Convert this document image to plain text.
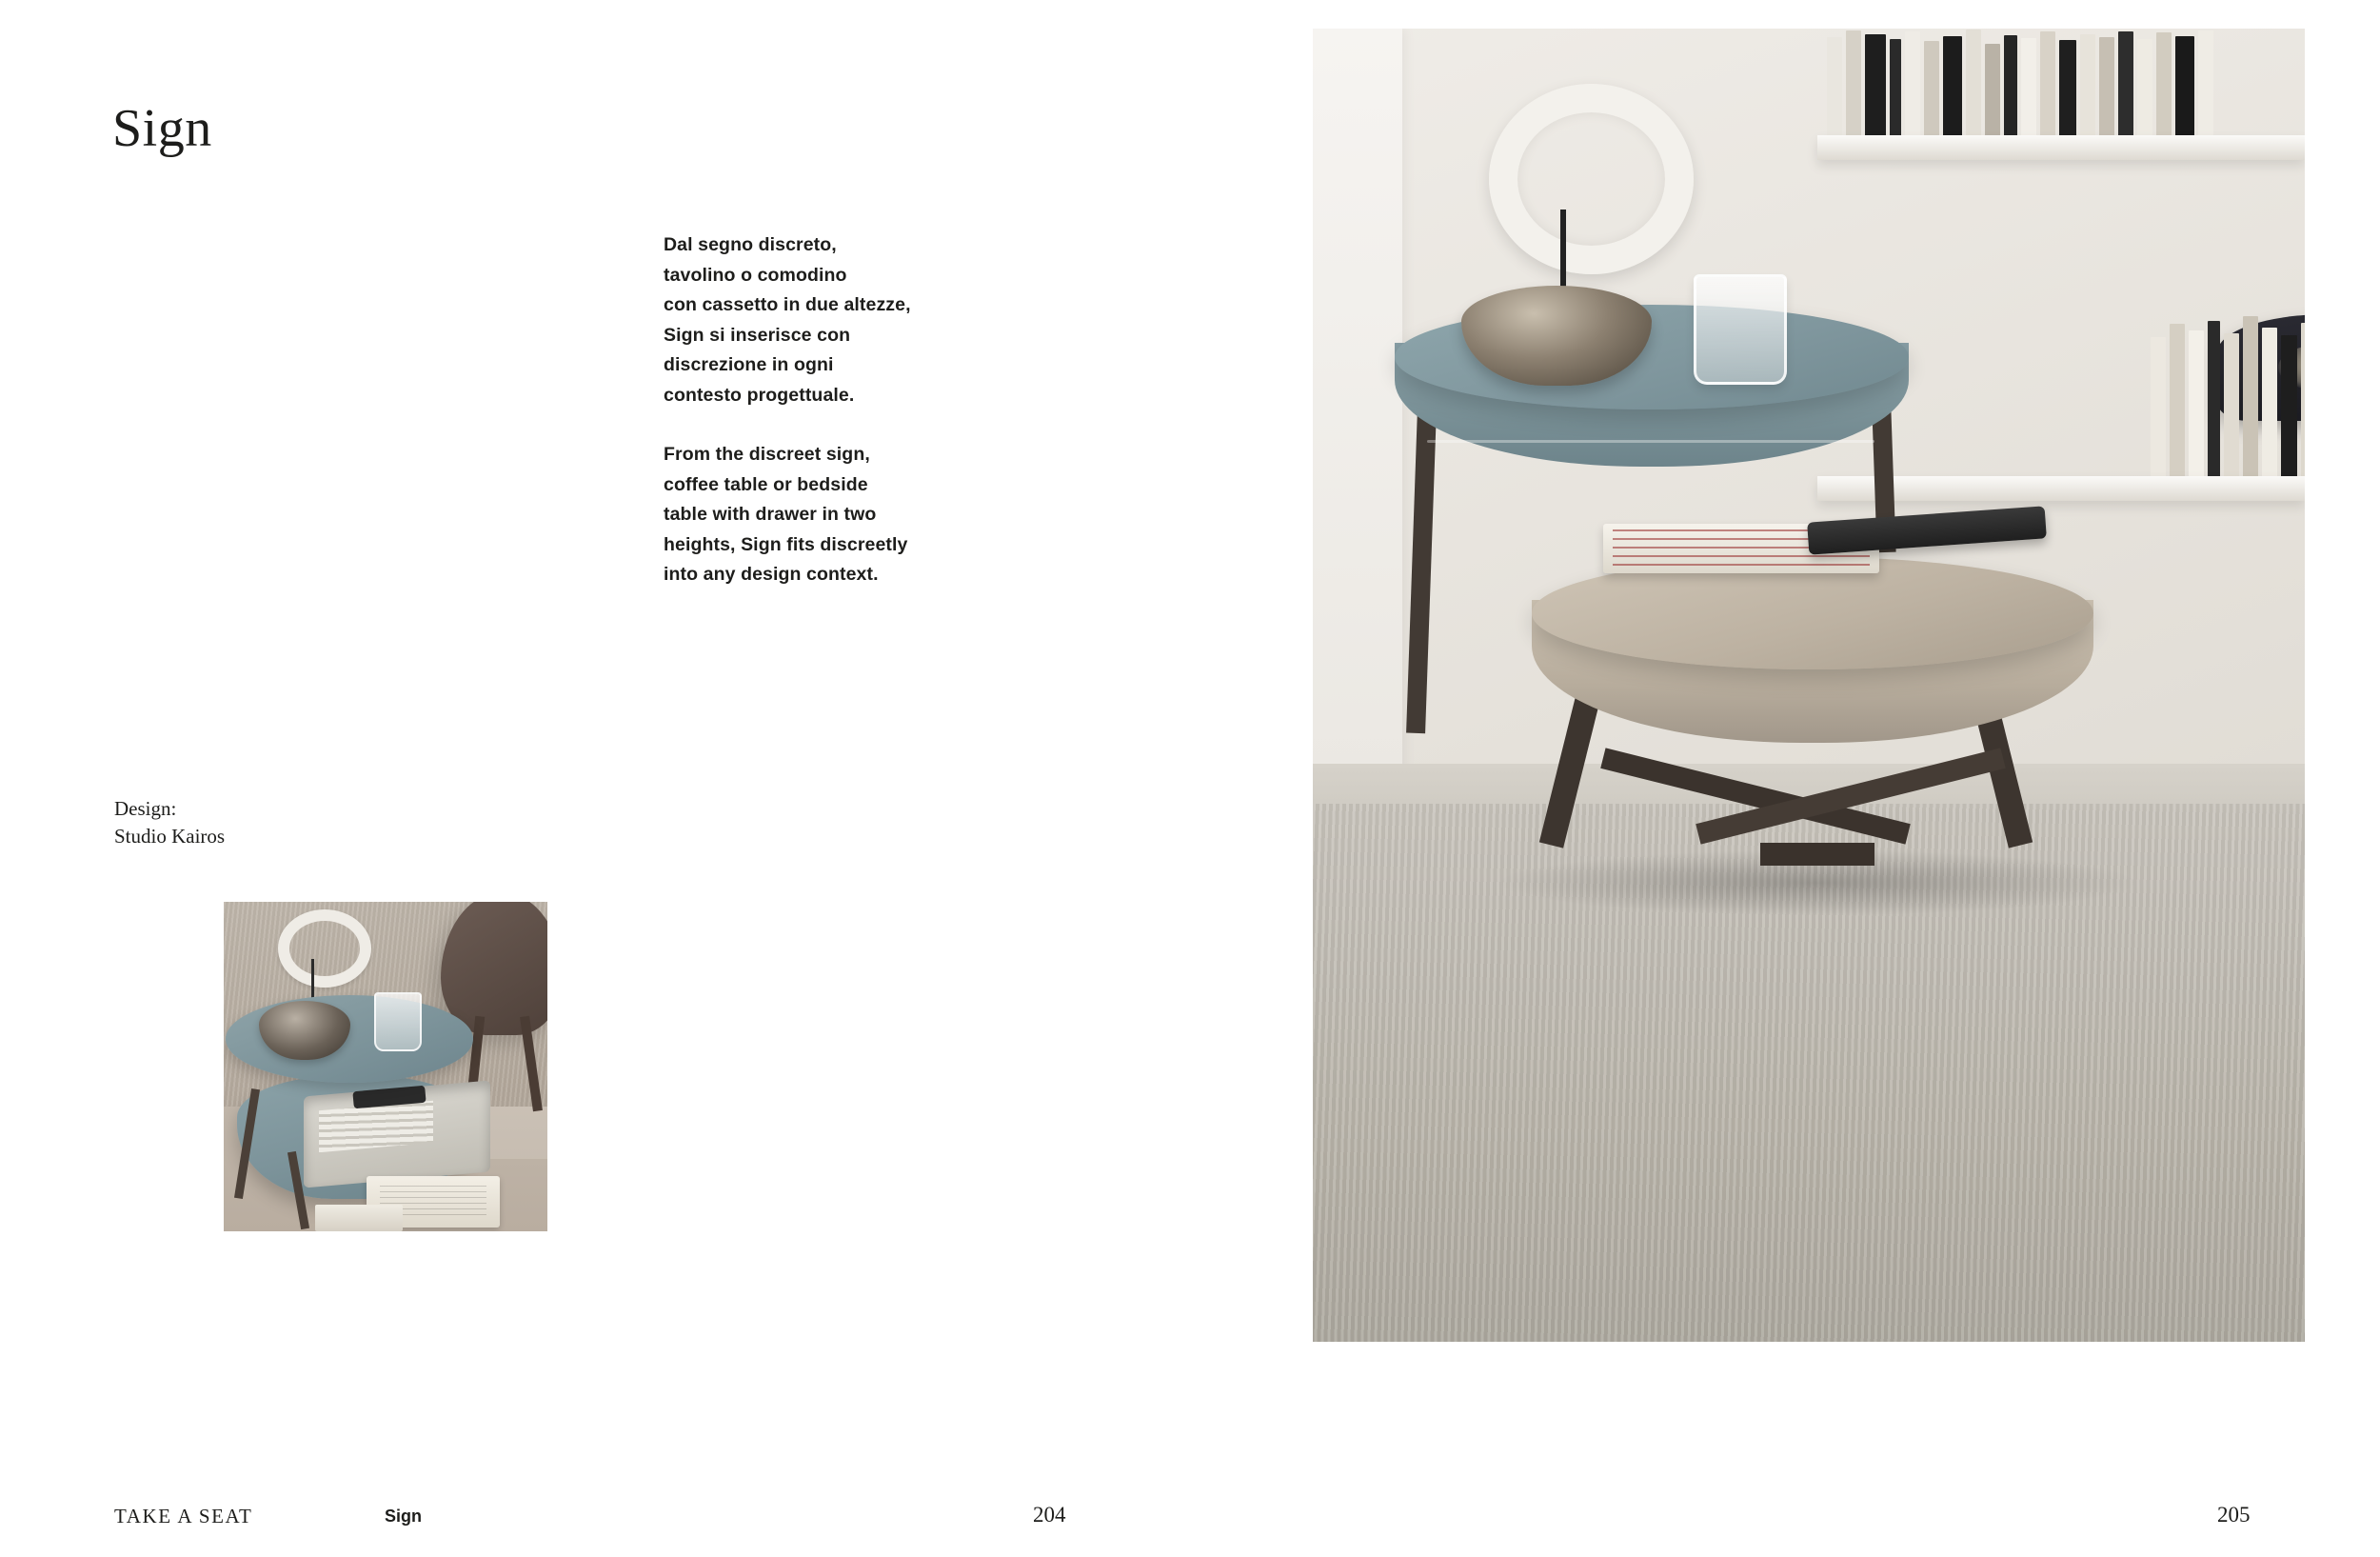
Sign

Dal segno discreto,
tavolino o comodino
con cassetto in due altezze,
Sign si inserisce con
discrezione in ogni
contesto progettuale.

From the discreet sign,
coffee table or bedside
table with drawer in two
heights, Sign fits discreetly
into any design context.

Design:
Studio Kairos
TAKE A SEAT	Sign	204	205
